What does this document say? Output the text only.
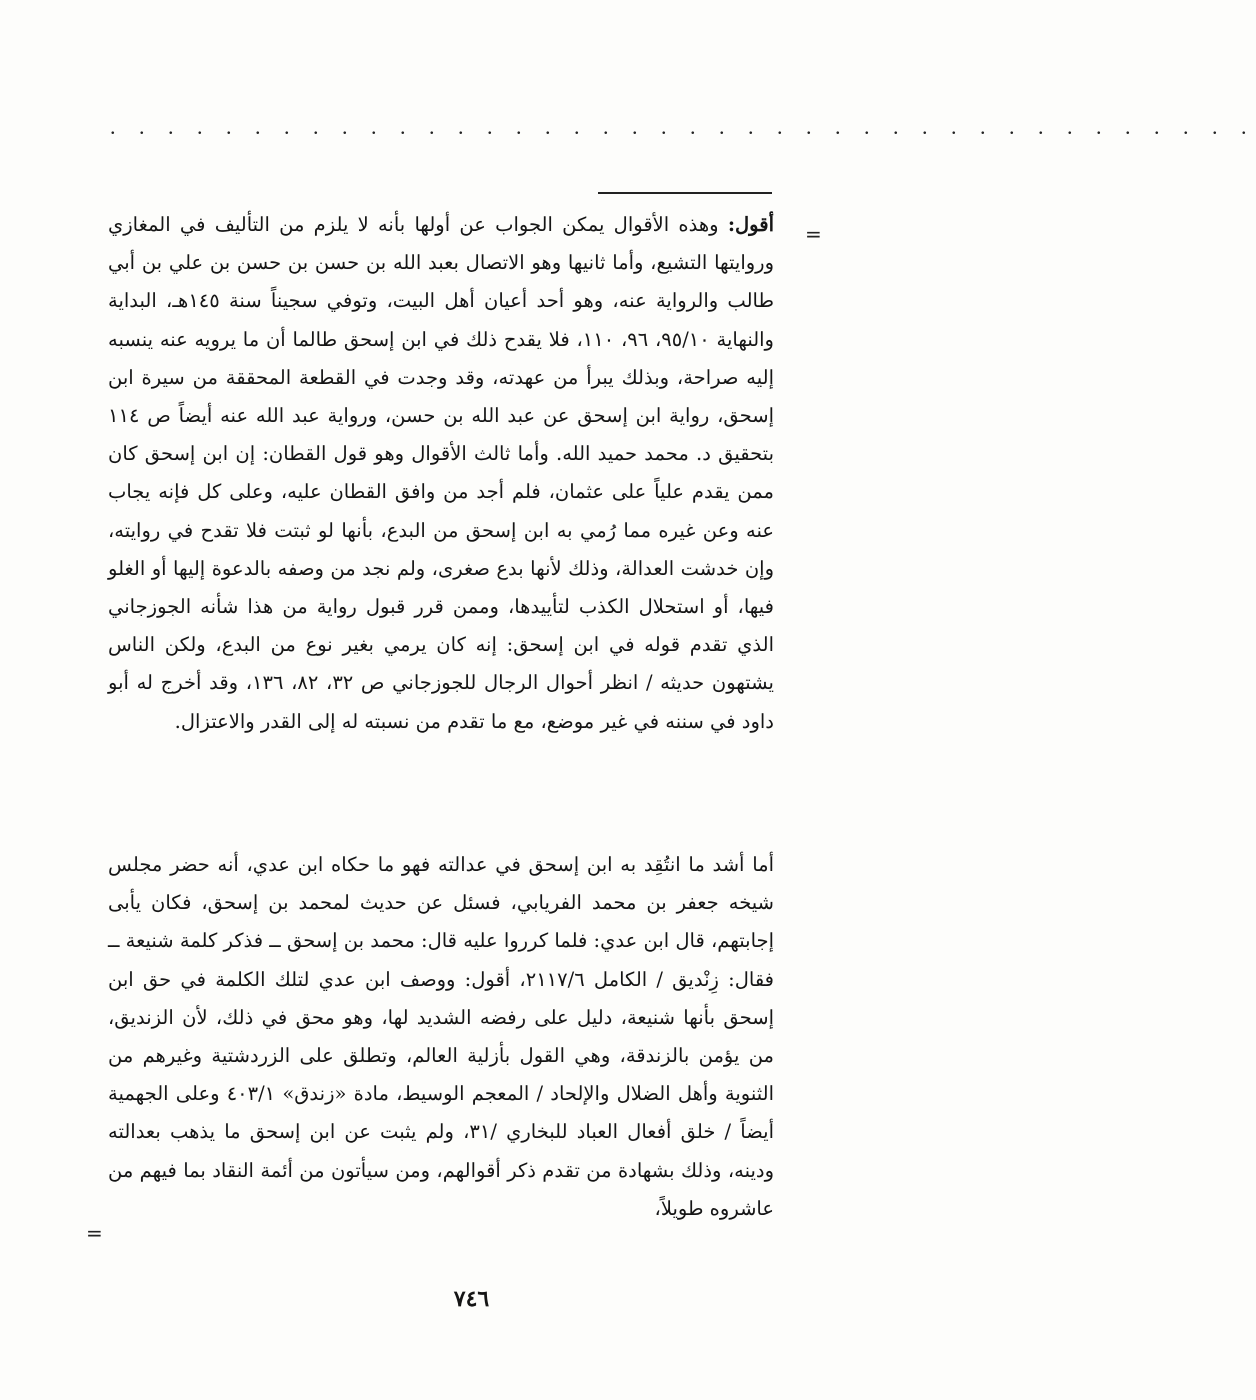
. . . . . . . . . . . . . . . . . . . . . . . . . . . . . . . . . . . . . . . .
=

أقول: وهذه الأقوال يمكن الجواب عن أولها بأنه لا يلزم من التأليف في المغازي وروايتها التشيع، وأما ثانيها وهو الاتصال بعبد الله بن حسن بن حسن بن علي بن أبي طالب والرواية عنه، وهو أحد أعيان أهل البيت، وتوفي سجيناً سنة ١٤٥هـ، البداية والنهاية ٩٥/١٠، ٩٦، ١١٠، فلا يقدح ذلك في ابن إسحق طالما أن ما يرويه عنه ينسبه إليه صراحة، وبذلك يبرأ من عهدته، وقد وجدت في القطعة المحققة من سيرة ابن إسحق، رواية ابن إسحق عن عبد الله بن حسن، ورواية عبد الله عنه أيضاً ص ١١٤ بتحقيق د. محمد حميد الله. وأما ثالث الأقوال وهو قول القطان: إن ابن إسحق كان ممن يقدم علياً على عثمان، فلم أجد من وافق القطان عليه، وعلى كل فإنه يجاب عنه وعن غيره مما رُمي به ابن إسحق من البدع، بأنها لو ثبتت فلا تقدح في روايته، وإن خدشت العدالة، وذلك لأنها بدع صغرى، ولم نجد من وصفه بالدعوة إليها أو الغلو فيها، أو استحلال الكذب لتأييدها، وممن قرر قبول رواية من هذا شأنه الجوزجاني الذي تقدم قوله في ابن إسحق: إنه كان يرمي بغير نوع من البدع، ولكن الناس يشتهون حديثه / انظر أحوال الرجال للجوزجاني ص ٣٢، ٨٢، ١٣٦، وقد أخرج له أبو داود في سننه في غير موضع، مع ما تقدم من نسبته له إلى القدر والاعتزال.

أما أشد ما انتُقِد به ابن إسحق في عدالته فهو ما حكاه ابن عدي، أنه حضر مجلس شيخه جعفر بن محمد الفريابي، فسئل عن حديث لمحمد بن إسحق، فكان يأبى إجابتهم، قال ابن عدي: فلما كرروا عليه قال: محمد بن إسحق ــ فذكر كلمة شنيعة ــ فقال: زِنْديق / الكامل ٢١١٧/٦، أقول: ووصف ابن عدي لتلك الكلمة في حق ابن إسحق بأنها شنيعة، دليل على رفضه الشديد لها، وهو محق في ذلك، لأن الزنديق، من يؤمن بالزندقة، وهي القول بأزلية العالم، وتطلق على الزردشتية وغيرهم من الثنوية وأهل الضلال والإلحاد / المعجم الوسيط، مادة «زندق» ٤٠٣/١ وعلى الجهمية أيضاً / خلق أفعال العباد للبخاري /٣١، ولم يثبت عن ابن إسحق ما يذهب بعدالته ودينه، وذلك بشهادة من تقدم ذكر أقوالهم، ومن سيأتون من أئمة النقاد بما فيهم من عاشروه طويلاً،

=
٧٤٦
